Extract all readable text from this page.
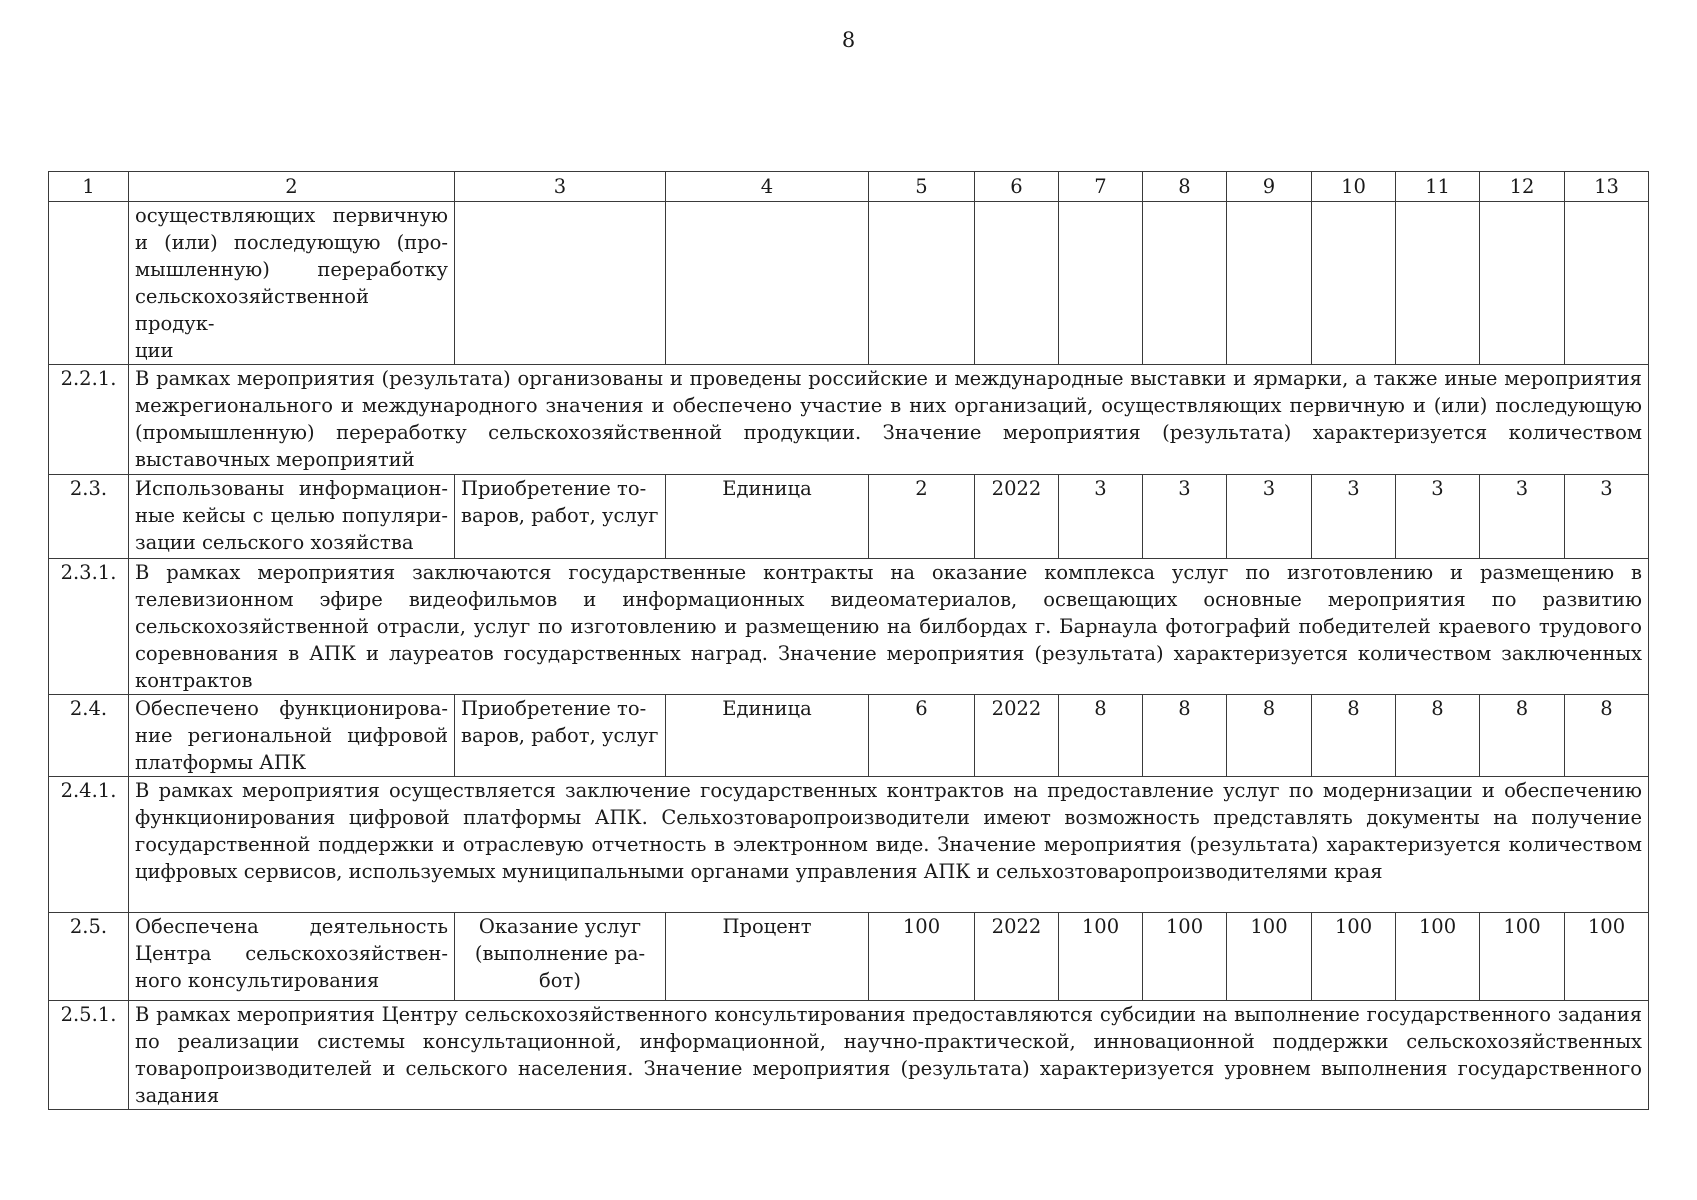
8
1	2	3	4	5	6	7	8	9	10	11	12	13

	осуществляющих первичную
и (или) последующую (про-
мышленную) переработку
сельскохозяйственной продук-
ции											

2.2.1.	В рамках мероприятия (результата) организованы и проведены российские и международные выставки и ярмарки, а также иные мероприятия межрегионального и международного значения и обеспечено участие в них организаций, осуществляющих первичную и (или) последующую (промышленную) переработку сельскохозяйственной продукции. Значение мероприятия (результата) характеризуется количеством выставочных мероприятий											
2.3.	Использованы информацион-
ные кейсы с целью популяри-
зации сельского хозяйства	Приобретение то-
варов, работ, услуг	Единица	2	2022	3	3	3	3	3	3	3
2.3.1.	В рамках мероприятия заключаются государственные контракты на оказание комплекса услуг по изготовлению и размещению в телевизионном эфире видеофильмов и информационных видеоматериалов, освещающих основные мероприятия по развитию сельскохозяйственной отрасли, услуг по изготовлению и размещению на билбордах г. Барнаула фотографий победителей краевого трудового соревнования в АПК и лауреатов государственных наград. Значение мероприятия (результата) характеризуется количеством заключенных контрактов											
2.4.	Обеспечено функционирова-
ние региональной цифровой
платформы АПК	Приобретение то-
варов, работ, услуг	Единица	6	2022	8	8	8	8	8	8	8
2.4.1.	В рамках мероприятия осуществляется заключение государственных контрактов на предоставление услуг по модернизации и обеспечению функционирования цифровой платформы АПК. Сельхозтоваропроизводители имеют возможность представлять документы на получение государственной поддержки и отраслевую отчетность в электронном виде. Значение мероприятия (результата) характеризуется количеством цифровых сервисов, используемых муниципальными органами управления АПК и сельхозтоваропроизводителями края											
2.5.	Обеспечена деятельность
Центра сельскохозяйствен-
ного консультирования	Оказание услуг
(выполнение ра-
бот)	Процент	100	2022	100	100	100	100	100	100	100
2.5.1.	В рамках мероприятия Центру сельскохозяйственного консультирования предоставляются субсидии на выполнение государственного задания по реализации системы консультационной, информационной, научно-практической, инновационной поддержки сельскохозяйственных товаропроизводителей и сельского населения. Значение мероприятия (результата) характеризуется уровнем выполнения государственного задания											
